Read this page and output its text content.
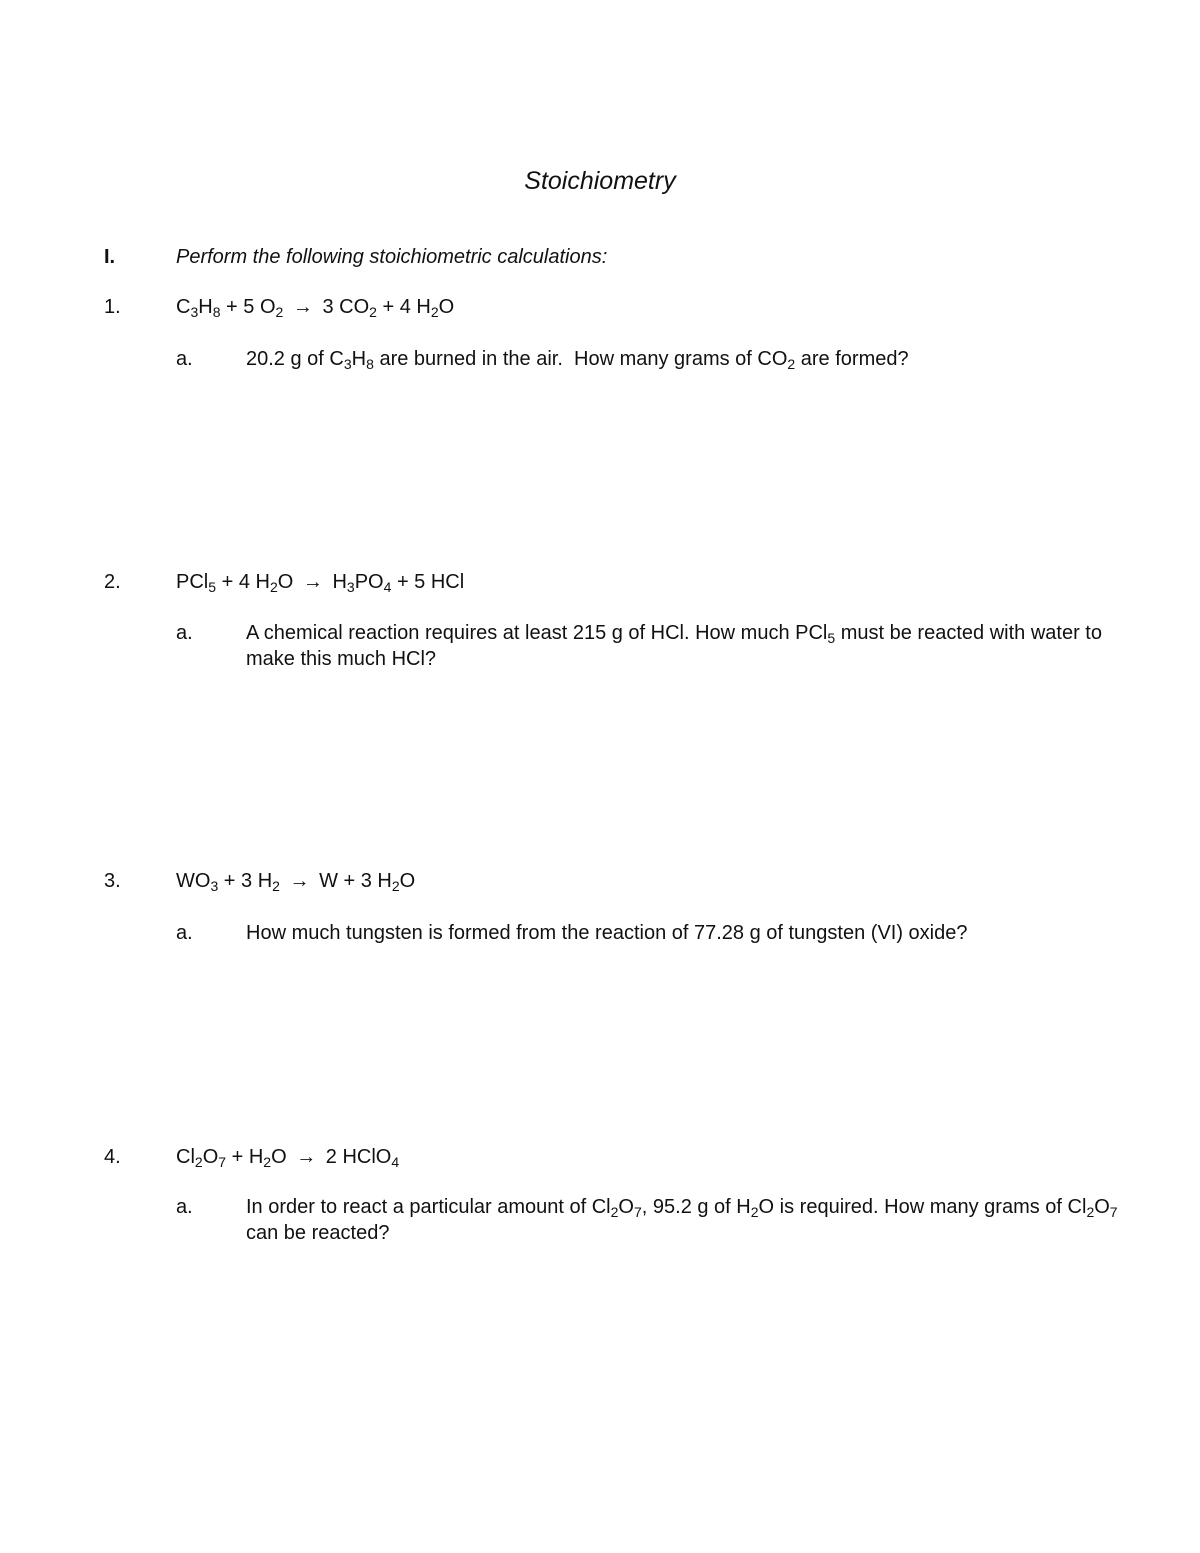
Stoichiometry
I.	Perform the following stoichiometric calculations:
1.	$C_3H_8 + 5$ $O_2 \to 3$ $CO_2 + 4$ $H_2O$
a.	20.2 g of $C_3H_8$ are burned in the air.  How many grams of $CO_2$ are formed?
2.	PCl$_5$ + 4 $H_2O \to H_3PO_4 + 5$ HCl
a.	A chemical reaction requires at least 215 g of HCl. How much PCl$_5$ must be reacted with water to make this much HCl?
3.	$WO_3 + 3$ $H_2 \to W + 3$ $H_2O$
a.	How much tungsten is formed from the reaction of 77.28 g of tungsten (VI) oxide?
4.	$Cl_2O_7 + H_2O \to 2$ HClO$_4$
a.	In order to react a particular amount of $Cl_2O_7$, 95.2 g of $H_2O$ is required. How many grams of $Cl_2O_7$ can be reacted?
